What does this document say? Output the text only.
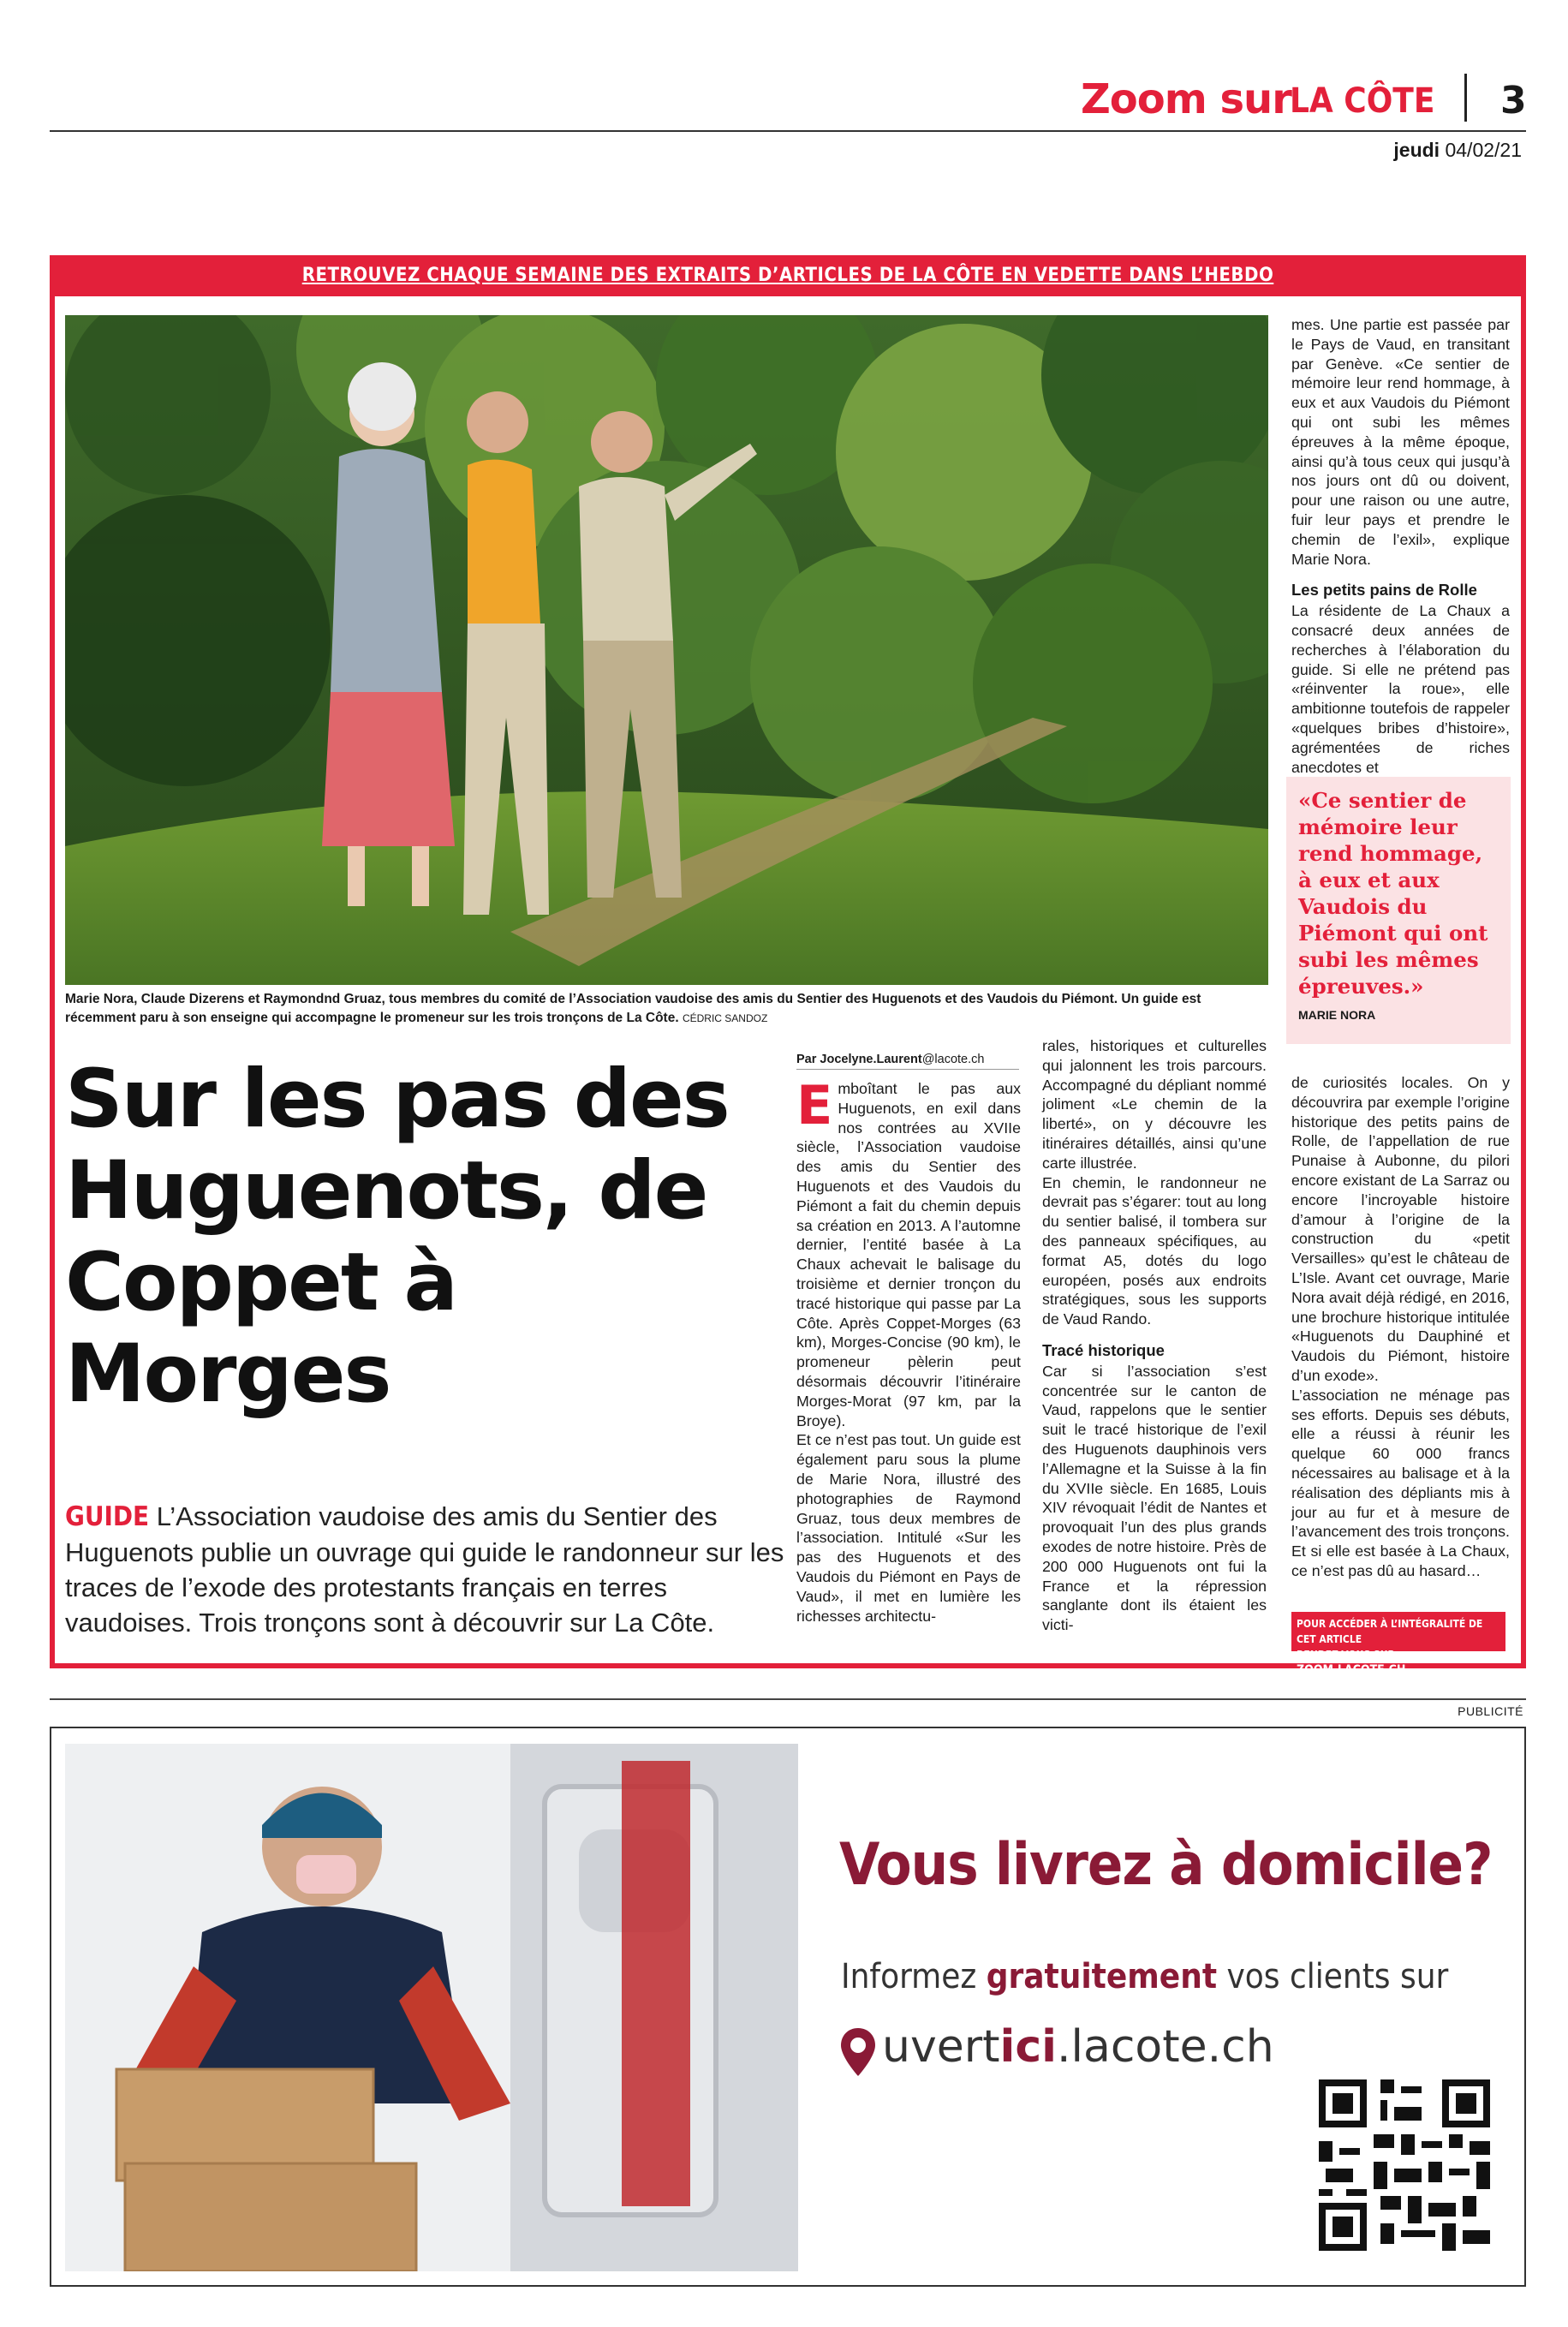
Zoom sur
LA CÔTE 3
jeudi 04/02/21
RETROUVEZ CHAQUE SEMAINE DES EXTRAITS D’ARTICLES DE LA CÔTE EN VEDETTE DANS L’HEBDO
Marie Nora, Claude Dizerens et Raymondnd Gruaz, tous membres du comité de l’Association vaudoise des amis du Sentier des Huguenots et des Vaudois du Piémont. Un guide est récemment paru à son enseigne qui accompagne le promeneur sur les trois tronçons de La Côte. CÉDRIC SANDOZ

mes. Une partie est passée par le Pays de Vaud, en transitant par Genève. «Ce sentier de mémoire leur rend hommage, à eux et aux Vaudois du Piémont qui ont subi les mêmes épreuves à la même époque, ainsi qu’à tous ceux qui jusqu’à nos jours ont dû ou doivent, pour une raison ou une autre, fuir leur pays et prendre le chemin de l’exil», explique Marie Nora.

Les petits pains de Rolle

La résidente de La Chaux a consacré deux années de recherches à l’élaboration du guide. Si elle ne prétend pas «réinventer la roue», elle ambitionne toutefois de rappeler «quelques bribes d’histoire», agrémentées de riches anecdotes et

«Ce sentier de mémoire leur rend hommage, à eux et aux Vaudois du Piémont qui ont subi les mêmes épreuves.»
MARIE NORA
Sur les pas des Huguenots, de Coppet à Morges
GUIDE L’Association vaudoise des amis du Sentier des Huguenots publie un ouvrage qui guide le randonneur sur les traces de l’exode des protestants français en terres vaudoises. Trois tronçons sont à découvrir sur La Côte.
Par Jocelyne.Laurent@lacote.ch

Emboîtant le pas aux Huguenots, en exil dans nos contrées au XVIIe siècle, l’Association vaudoise des amis du Sentier des Huguenots et des Vaudois du Piémont a fait du chemin depuis sa création en 2013. A l’automne dernier, l’entité basée à La Chaux achevait le balisage du troisième et dernier tronçon du tracé historique qui passe par La Côte. Après Coppet-Morges (63 km), Morges-Concise (90 km), le promeneur pèlerin peut désormais découvrir l’itinéraire Morges-Morat (97 km, par la Broye).

Et ce n’est pas tout. Un guide est également paru sous la plume de Marie Nora, illustré des photographies de Raymond Gruaz, tous deux membres de l’association. Intitulé «Sur les pas des Huguenots et des Vaudois du Piémont en Pays de Vaud», il met en lumière les richesses architectu-

rales, historiques et culturelles qui jalonnent les trois parcours. Accompagné du dépliant nommé joliment «Le chemin de la liberté», on y découvre les itinéraires détaillés, ainsi qu’une carte illustrée.

En chemin, le randonneur ne devrait pas s’égarer: tout au long du sentier balisé, il tombera sur des panneaux spécifiques, au format A5, dotés du logo européen, posés aux endroits stratégiques, sous les supports de Vaud Rando.

Tracé historique

Car si l’association s’est concentrée sur le canton de Vaud, rappelons que le sentier suit le tracé historique de l’exil des Huguenots dauphinois vers l’Allemagne et la Suisse à la fin du XVIIe siècle. En 1685, Louis XIV révoquait l’édit de Nantes et provoquait l’un des plus grands exodes de notre histoire. Près de 200 000 Huguenots ont fui la France et la répression sanglante dont ils étaient les victi-

de curiosités locales. On y découvrira par exemple l’origine historique des petits pains de Rolle, de l’appellation de rue Punaise à Aubonne, du pilori encore existant de La Sarraz ou encore l’incroyable histoire d’amour à l’origine de la construction du «petit Versailles» qu’est le château de L’Isle. Avant cet ouvrage, Marie Nora avait déjà rédigé, en 2016, une brochure historique intitulée «Huguenots du Dauphiné et Vaudois du Piémont, histoire d’un exode».

L’association ne ménage pas ses efforts. Depuis ses débuts, elle a réussi à réunir les quelque 60 000 francs nécessaires au balisage et à la réalisation des dépliants mis à jour au fur et à mesure de l’avancement des trois tronçons. Et si elle est basée à La Chaux, ce n’est pas dû au hasard…

POUR ACCÉDER À L’INTÉGRALITÉ DE CET ARTICLE
RENDEZ-VOUS SUR ZOOM.LACOTE.CH
PUBLICITÉ
Vous livrez à domicile?
Informez gratuitement vos clients sur
uvertici.lacote.ch
